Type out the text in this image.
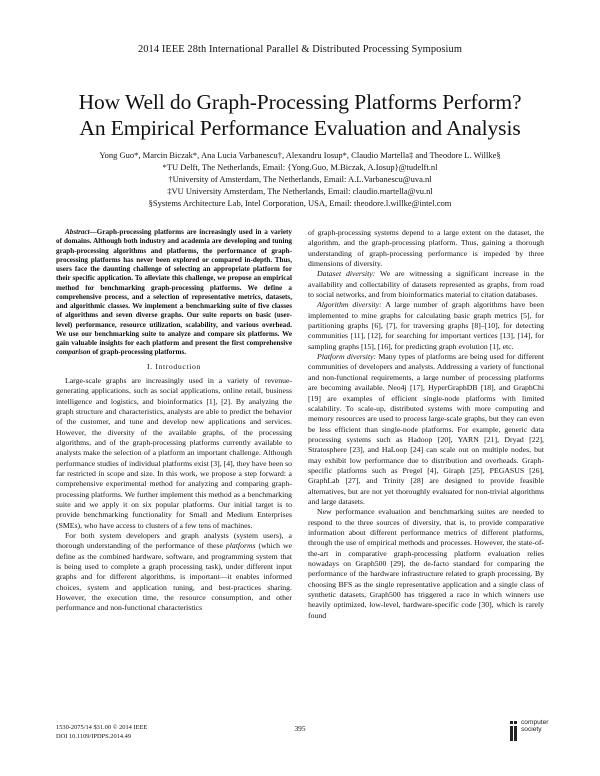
2014 IEEE 28th International Parallel & Distributed Processing Symposium
How Well do Graph-Processing Platforms Perform?
An Empirical Performance Evaluation and Analysis
Yong Guo*, Marcin Biczak*, Ana Lucia Varbanescu†, Alexandru Iosup*, Claudio Martella‡ and Theodore L. Willke§
*TU Delft, The Netherlands, Email: {Yong.Guo, M.Biczak, A.Iosup}@tudelft.nl
†University of Amsterdam, The Netherlands, Email: A.L.Varbanescu@uva.nl
‡VU University Amsterdam, The Netherlands, Email: claudio.martella@vu.nl
§Systems Architecture Lab, Intel Corporation, USA, Email: theodore.l.willke@intel.com

Abstract—Graph-processing platforms are increasingly used in a variety of domains. Although both industry and academia are developing and tuning graph-processing algorithms and platforms, the performance of graph-processing platforms has never been explored or compared in-depth. Thus, users face the daunting challenge of selecting an appropriate platform for their specific application. To alleviate this challenge, we propose an empirical method for benchmarking graph-processing platforms. We define a comprehensive process, and a selection of representative metrics, datasets, and algorithmic classes. We implement a benchmarking suite of five classes of algorithms and seven diverse graphs. Our suite reports on basic (user-level) performance, resource utilization, scalability, and various overhead. We use our benchmarking suite to analyze and compare six platforms. We gain valuable insights for each platform and present the first comprehensive comparison of graph-processing platforms.

I. Introduction

Large-scale graphs are increasingly used in a variety of revenue-generating applications, such as social applications, online retail, business intelligence and logistics, and bioinformatics [1], [2]. By analyzing the graph structure and characteristics, analysts are able to predict the behavior of the customer, and tune and develop new applications and services. However, the diversity of the available graphs, of the processing algorithms, and of the graph-processing platforms currently available to analysts make the selection of a platform an important challenge. Although performance studies of individual platforms exist [3], [4], they have been so far restricted in scope and size. In this work, we propose a step forward: a comprehensive experimental method for analyzing and comparing graph-processing platforms. We further implement this method as a benchmarking suite and we apply it on six popular platforms. Our initial target is to provide benchmarking functionality for Small and Medium Enterprises (SMEs), who have access to clusters of a few tens of machines.

For both system developers and graph analysts (system users), a thorough understanding of the performance of these platforms (which we define as the combined hardware, software, and programming system that is being used to complete a graph processing task), under different input graphs and for different algorithms, is important—it enables informed choices, system and application tuning, and best-practices sharing. However, the execution time, the resource consumption, and other performance and non-functional characteristics

of graph-processing systems depend to a large extent on the dataset, the algorithm, and the graph-processing platform. Thus, gaining a thorough understanding of graph-processing performance is impeded by three dimensions of diversity.

Dataset diversity: We are witnessing a significant increase in the availability and collectability of datasets represented as graphs, from road to social networks, and from bioinformatics material to citation databases.

Algorithm diversity: A large number of graph algorithms have been implemented to mine graphs for calculating basic graph metrics [5], for partitioning graphs [6], [7], for traversing graphs [8]–[10], for detecting communities [11], [12], for searching for important vertices [13], [14], for sampling graphs [15], [16], for predicting graph evolution [1], etc.

Platform diversity: Many types of platforms are being used for different communities of developers and analysts. Addressing a variety of functional and non-functional requirements, a large number of processing platforms are becoming available. Neo4j [17], HyperGraphDB [18], and GraphChi [19] are examples of efficient single-node platforms with limited scalability. To scale-up, distributed systems with more computing and memory resources are used to process large-scale graphs, but they can even be less efficient than single-node platforms. For example, generic data processing systems such as Hadoop [20], YARN [21], Dryad [22], Stratosphere [23], and HaLoop [24] can scale out on multiple nodes, but may exhibit low performance due to distribution and overheads. Graph-specific platforms such as Pregel [4], Giraph [25], PEGASUS [26], GraphLab [27], and Trinity [28] are designed to provide feasible alternatives, but are not yet thoroughly evaluated for non-trivial algorithms and large datasets.

New performance evaluation and benchmarking suites are needed to respond to the three sources of diversity, that is, to provide comparative information about different performance metrics of different platforms, through the use of empirical methods and processes. However, the state-of-the-art in comparative graph-processing platform evaluation relies nowadays on Graph500 [29], the de-facto standard for comparing the performance of the hardware infrastructure related to graph processing. By choosing BFS as the single representative application and a single class of synthetic datasets, Graph500 has triggered a race in which winners use heavily optimized, low-level, hardware-specific code [30], which is rarely found

1530-2075/14 $31.00 © 2014 IEEE
DOI 10.1109/IPDPS.2014.49
395
computer
society
